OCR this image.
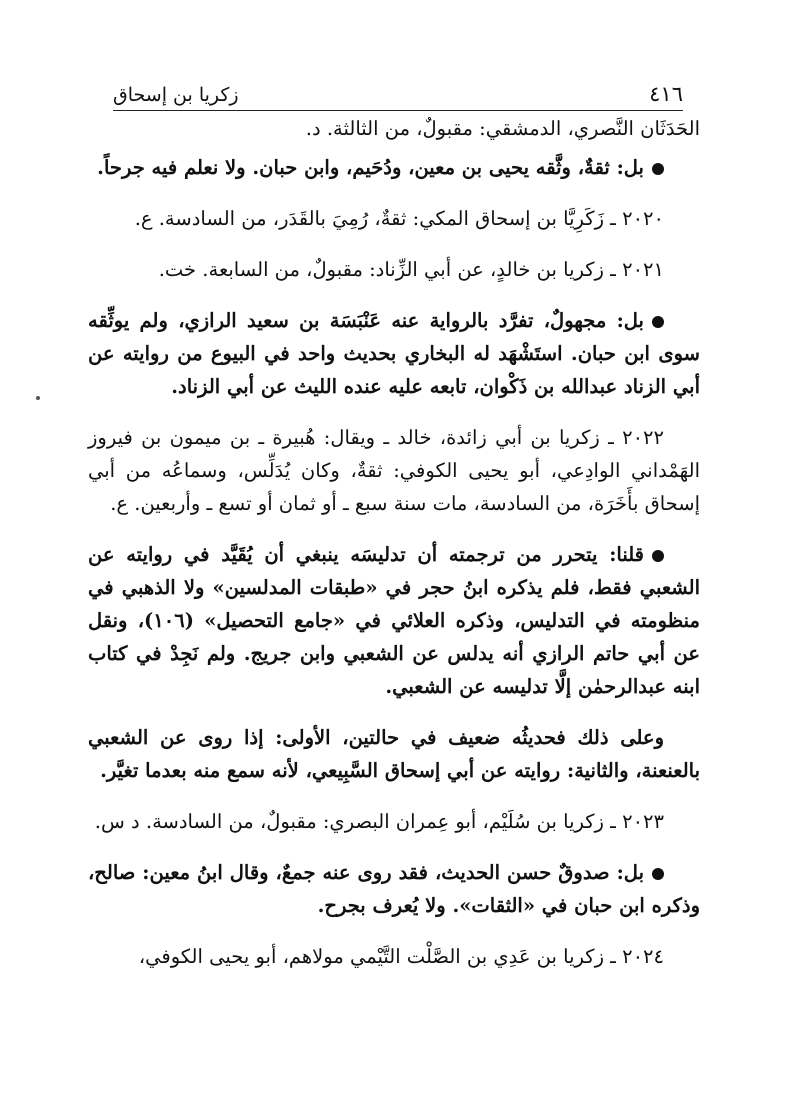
٤١٦
زكريا بن إسحاق

الحَدَثَان النَّصري، الدمشقي: مقبولٌ، من الثالثة. د.

بل: ثقةٌ، وثَّقه يحيى بن معين، ودُحَيم، وابن حبان. ولا نعلم فيه جرحاً.

٢٠٢٠ ـ زَكَرِيَّا بن إسحاق المكي: ثقةٌ، رُمِيَ بالقَدَر، من السادسة. ع.

٢٠٢١ ـ زكريا بن خالدٍ، عن أبي الزِّناد: مقبولٌ، من السابعة. خت.

بل: مجهولٌ، تفرَّد بالرواية عنه عَنْبَسَة بن سعيد الرازي، ولم يوثِّقه سوى ابن حبان. استَشْهَد له البخاري بحديث واحد في البيوع من روايته عن أبي الزناد عبدالله بن ذَكْوان، تابعه عليه عنده الليث عن أبي الزناد.

٢٠٢٢ ـ زكريا بن أبي زائدة، خالد ـ ويقال: هُبيرة ـ بن ميمون بن فيروز الهَمْداني الوادِعي، أبو يحيى الكوفي: ثقةٌ، وكان يُدَلِّس، وسماعُه من أبي إسحاق بأَخَرَة، من السادسة، مات سنة سبع ـ أو ثمان أو تسع ـ وأربعين. ع.

قلنا: يتحرر من ترجمته أن تدليسَه ينبغي أن يُقَيَّد في روايته عن الشعبي فقط، فلم يذكره ابنُ حجر في «طبقات المدلسين» ولا الذهبي في منظومته في التدليس، وذكره العلائي في «جامع التحصيل» (١٠٦)، ونقل عن أبي حاتم الرازي أنه يدلس عن الشعبي وابن جريج. ولم نَجِدْ في كتاب ابنه عبدالرحمٰن إلَّا تدليسه عن الشعبي.

وعلى ذلك فحديثُه ضعيف في حالتين، الأولى: إذا روى عن الشعبي بالعنعنة، والثانية: روايته عن أبي إسحاق السَّبِيعي، لأنه سمع منه بعدما تغيَّر.

٢٠٢٣ ـ زكريا بن سُلَيْم، أبو عِمران البصري: مقبولٌ، من السادسة. د س.

بل: صدوقٌ حسن الحديث، فقد روى عنه جمعٌ، وقال ابنُ معين: صالح، وذكره ابن حبان في «الثقات». ولا يُعرف بجرح.

٢٠٢٤ ـ زكريا بن عَدِي بن الصَّلْت التَّيْمي مولاهم، أبو يحيى الكوفي،
